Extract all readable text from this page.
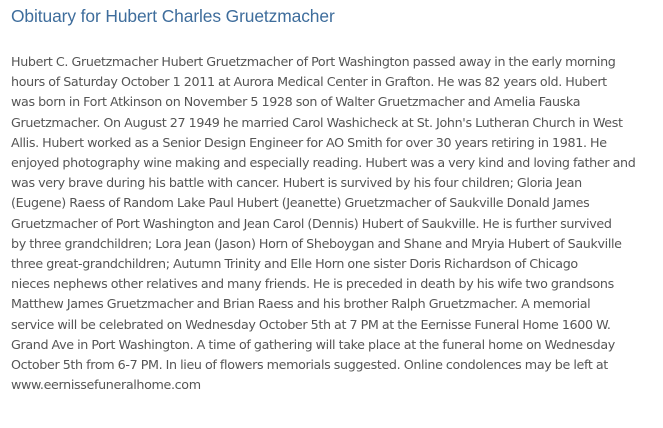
Obituary for Hubert Charles Gruetzmacher
Hubert C. Gruetzmacher Hubert Gruetzmacher of Port Washington passed away in the early morning
hours of Saturday October 1 2011 at Aurora Medical Center in Grafton. He was 82 years old. Hubert
was born in Fort Atkinson on November 5 1928 son of Walter Gruetzmacher and Amelia Fauska
Gruetzmacher. On August 27 1949 he married Carol Washicheck at St. John's Lutheran Church in West
Allis. Hubert worked as a Senior Design Engineer for AO Smith for over 30 years retiring in 1981. He
enjoyed photography wine making and especially reading. Hubert was a very kind and loving father and
was very brave during his battle with cancer. Hubert is survived by his four children; Gloria Jean
(Eugene) Raess of Random Lake Paul Hubert (Jeanette) Gruetzmacher of Saukville Donald James
Gruetzmacher of Port Washington and Jean Carol (Dennis) Hubert of Saukville. He is further survived
by three grandchildren; Lora Jean (Jason) Horn of Sheboygan and Shane and Mryia Hubert of Saukville
three great-grandchildren; Autumn Trinity and Elle Horn one sister Doris Richardson of Chicago
nieces nephews other relatives and many friends. He is preceded in death by his wife two grandsons
Matthew James Gruetzmacher and Brian Raess and his brother Ralph Gruetzmacher. A memorial
service will be celebrated on Wednesday October 5th at 7 PM at the Eernisse Funeral Home 1600 W.
Grand Ave in Port Washington. A time of gathering will take place at the funeral home on Wednesday
October 5th from 6-7 PM. In lieu of flowers memorials suggested. Online condolences may be left at
www.eernissefuneralhome.com
